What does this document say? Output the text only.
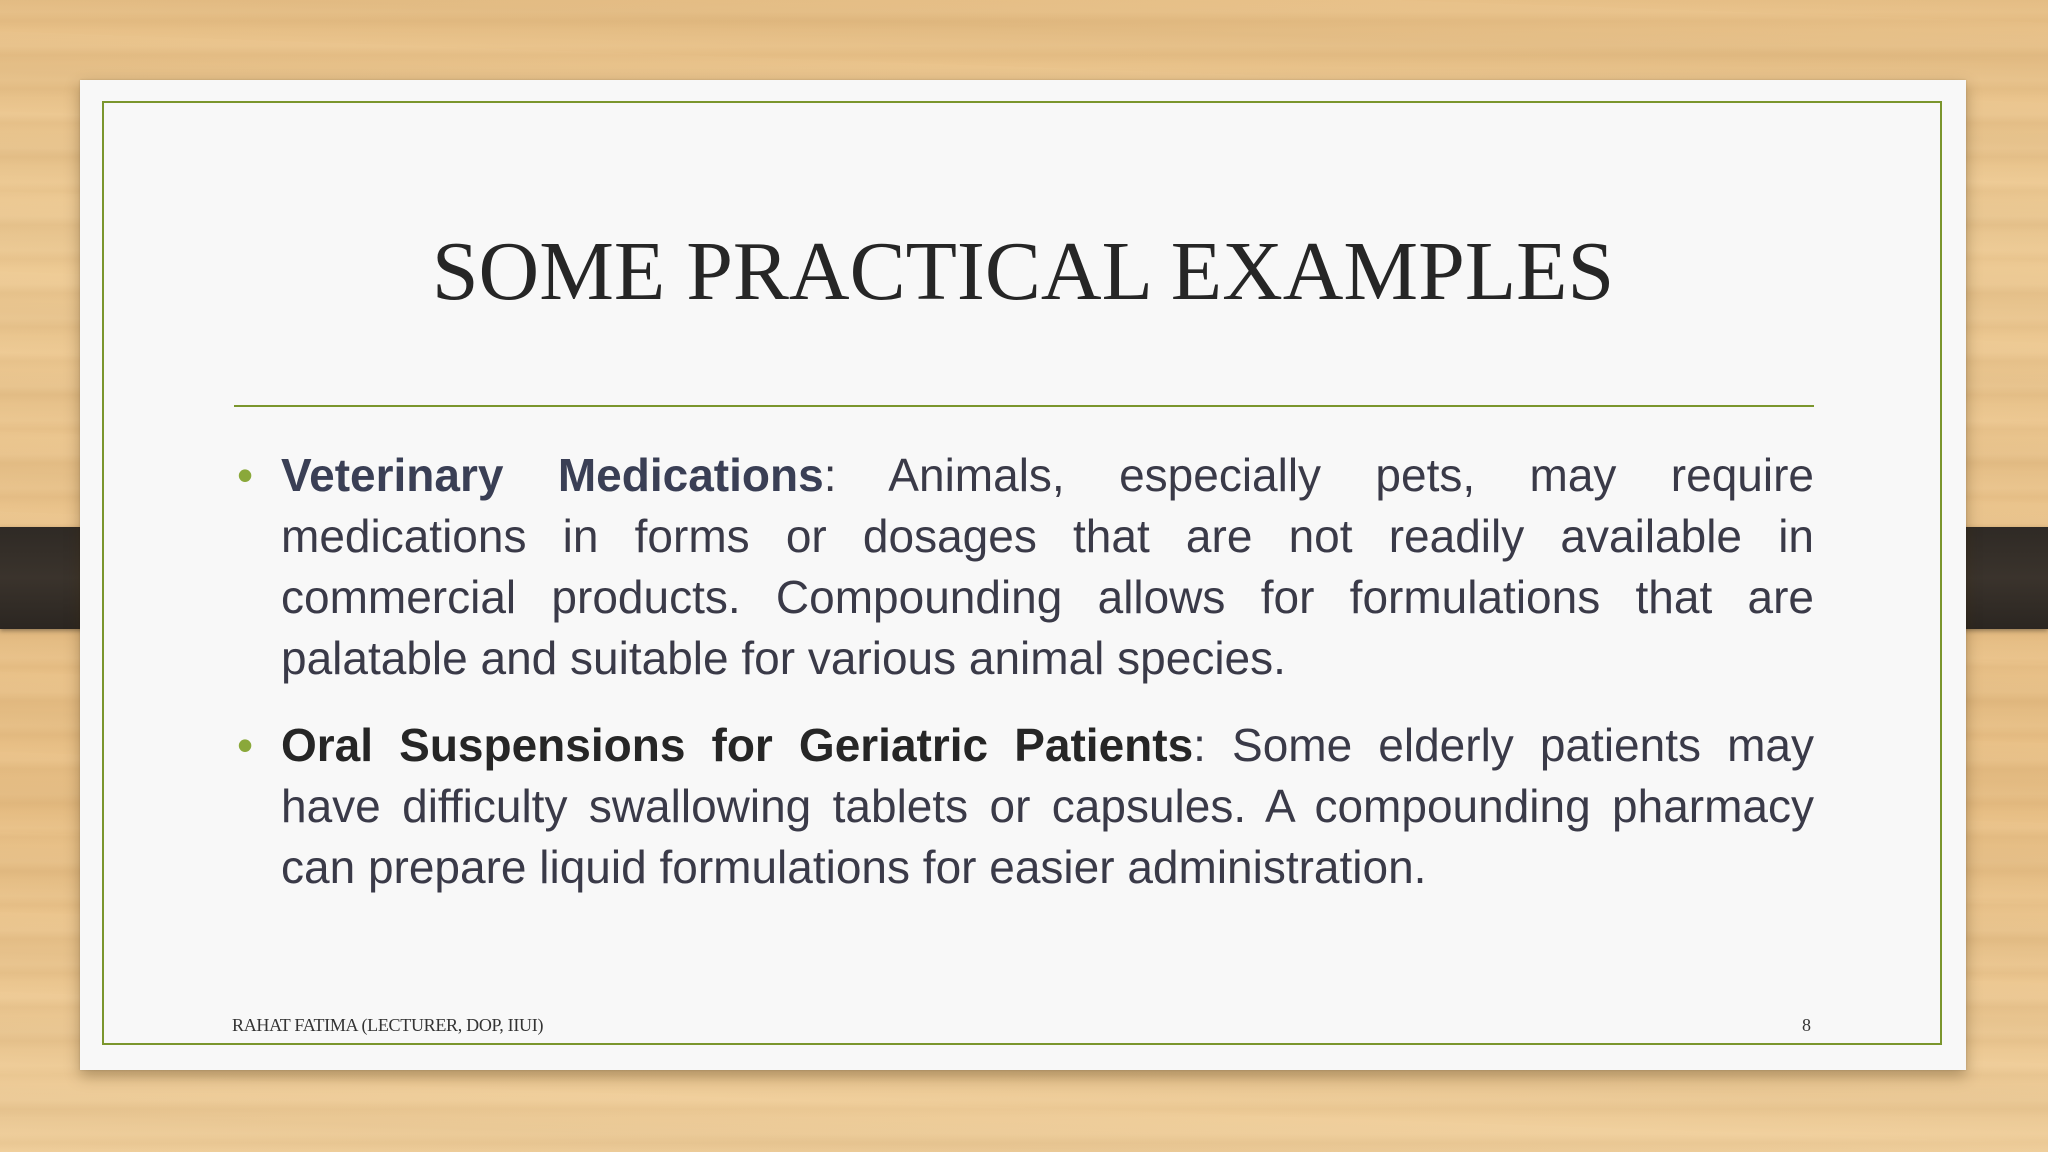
SOME PRACTICAL EXAMPLES
• Veterinary Medications: Animals, especially pets, may require medications in forms or dosages that are not readily available in commercial products. Compounding allows for formulations that are palatable and suitable for various animal species.
• Oral Suspensions for Geriatric Patients: Some elderly patients may have difficulty swallowing tablets or capsules. A compounding pharmacy can prepare liquid formulations for easier administration.
RAHAT FATIMA (LECTURER, DOP, IIUI)	8
